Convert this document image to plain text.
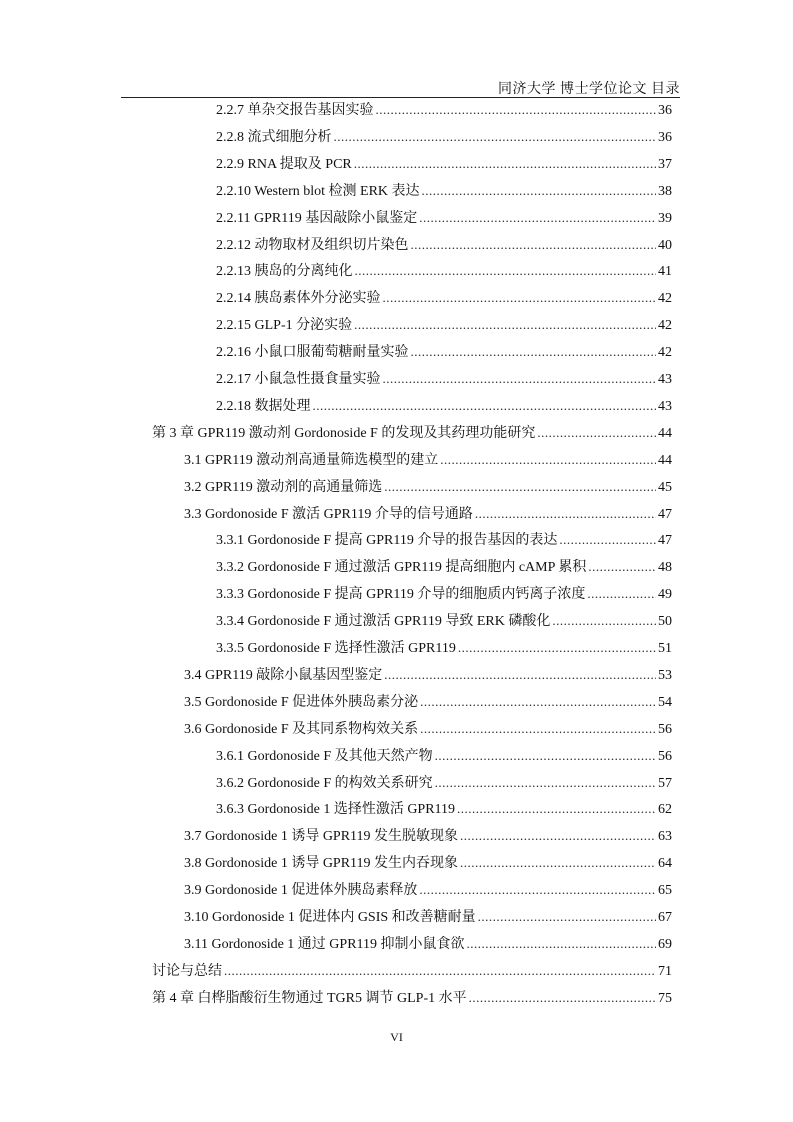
同济大学 博士学位论文 目录
2.2.7 单杂交报告基因实验 .....	36
2.2.8 流式细胞分析 .....	36
2.2.9 RNA 提取及 PCR .....	37
2.2.10 Western blot 检测 ERK 表达 .....	38
2.2.11 GPR119 基因敲除小鼠鉴定 .....	39
2.2.12 动物取材及组织切片染色 .....	40
2.2.13 胰岛的分离纯化 .....	41
2.2.14 胰岛素体外分泌实验 .....	42
2.2.15 GLP-1 分泌实验 .....	42
2.2.16 小鼠口服葡萄糖耐量实验 .....	42
2.2.17 小鼠急性摄食量实验 .....	43
2.2.18 数据处理 .....	43
第 3 章 GPR119 激动剂 Gordonoside F 的发现及其药理功能研究 .....	44
3.1 GPR119 激动剂高通量筛选模型的建立 .....	44
3.2 GPR119 激动剂的高通量筛选 .....	45
3.3 Gordonoside F 激活 GPR119 介导的信号通路 .....	47
3.3.1 Gordonoside F 提高 GPR119 介导的报告基因的表达 .....	47
3.3.2 Gordonoside F 通过激活 GPR119 提高细胞内 cAMP 累积 .....	48
3.3.3 Gordonoside F 提高 GPR119 介导的细胞质内钙离子浓度 .....	49
3.3.4 Gordonoside F 通过激活 GPR119 导致 ERK 磷酸化 .....	50
3.3.5 Gordonoside F 选择性激活 GPR119 .....	51
3.4 GPR119 敲除小鼠基因型鉴定 .....	53
3.5 Gordonoside F 促进体外胰岛素分泌 .....	54
3.6 Gordonoside F 及其同系物构效关系 .....	56
3.6.1 Gordonoside F 及其他天然产物 .....	56
3.6.2 Gordonoside F 的构效关系研究 .....	57
3.6.3 Gordonoside 1 选择性激活 GPR119 .....	62
3.7 Gordonoside 1 诱导 GPR119 发生脱敏现象 .....	63
3.8 Gordonoside 1 诱导 GPR119 发生内吞现象 .....	64
3.9 Gordonoside 1 促进体外胰岛素释放 .....	65
3.10 Gordonoside 1 促进体内 GSIS 和改善糖耐量 .....	67
3.11 Gordonoside 1 通过 GPR119 抑制小鼠食欲 .....	69
讨论与总结 .....	71
第 4 章 白桦脂酸衍生物通过 TGR5 调节 GLP-1 水平 .....	75
VI
